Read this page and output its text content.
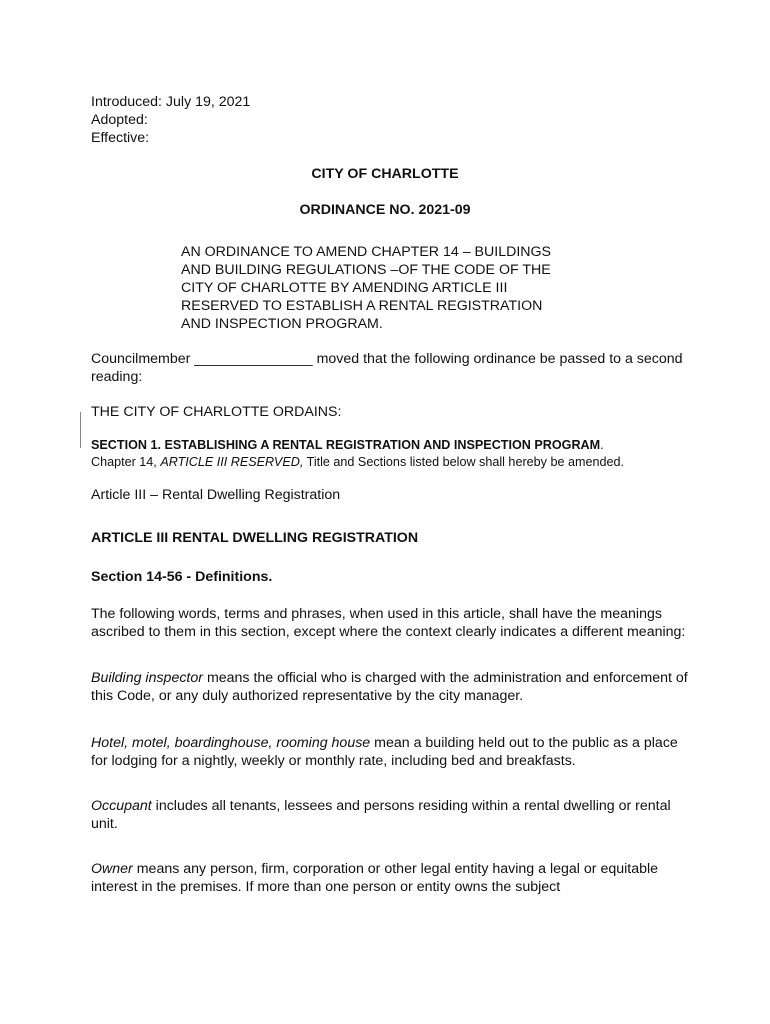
Introduced: July 19, 2021
Adopted:
Effective:
CITY OF CHARLOTTE
ORDINANCE NO. 2021-09
AN ORDINANCE TO AMEND CHAPTER 14 – BUILDINGS
AND BUILDING REGULATIONS –OF THE CODE OF THE
CITY OF CHARLOTTE BY AMENDING ARTICLE III
RESERVED TO ESTABLISH A RENTAL REGISTRATION
AND INSPECTION PROGRAM.

Councilmember _______________ moved that the following ordinance be passed to a second reading:

THE CITY OF CHARLOTTE ORDAINS:

SECTION 1. ESTABLISHING A RENTAL REGISTRATION AND INSPECTION PROGRAM.
Chapter 14, ARTICLE III RESERVED, Title and Sections listed below shall hereby be amended.

Article III – Rental Dwelling Registration

ARTICLE III RENTAL DWELLING REGISTRATION

Section 14-56 - Definitions.

The following words, terms and phrases, when used in this article, shall have the meanings ascribed to them in this section, except where the context clearly indicates a different meaning:

Building inspector means the official who is charged with the administration and enforcement of this Code, or any duly authorized representative by the city manager.

Hotel, motel, boardinghouse, rooming house mean a building held out to the public as a place for lodging for a nightly, weekly or monthly rate, including bed and breakfasts.

Occupant includes all tenants, lessees and persons residing within a rental dwelling or rental unit.

Owner means any person, firm, corporation or other legal entity having a legal or equitable interest in the premises. If more than one person or entity owns the subject
